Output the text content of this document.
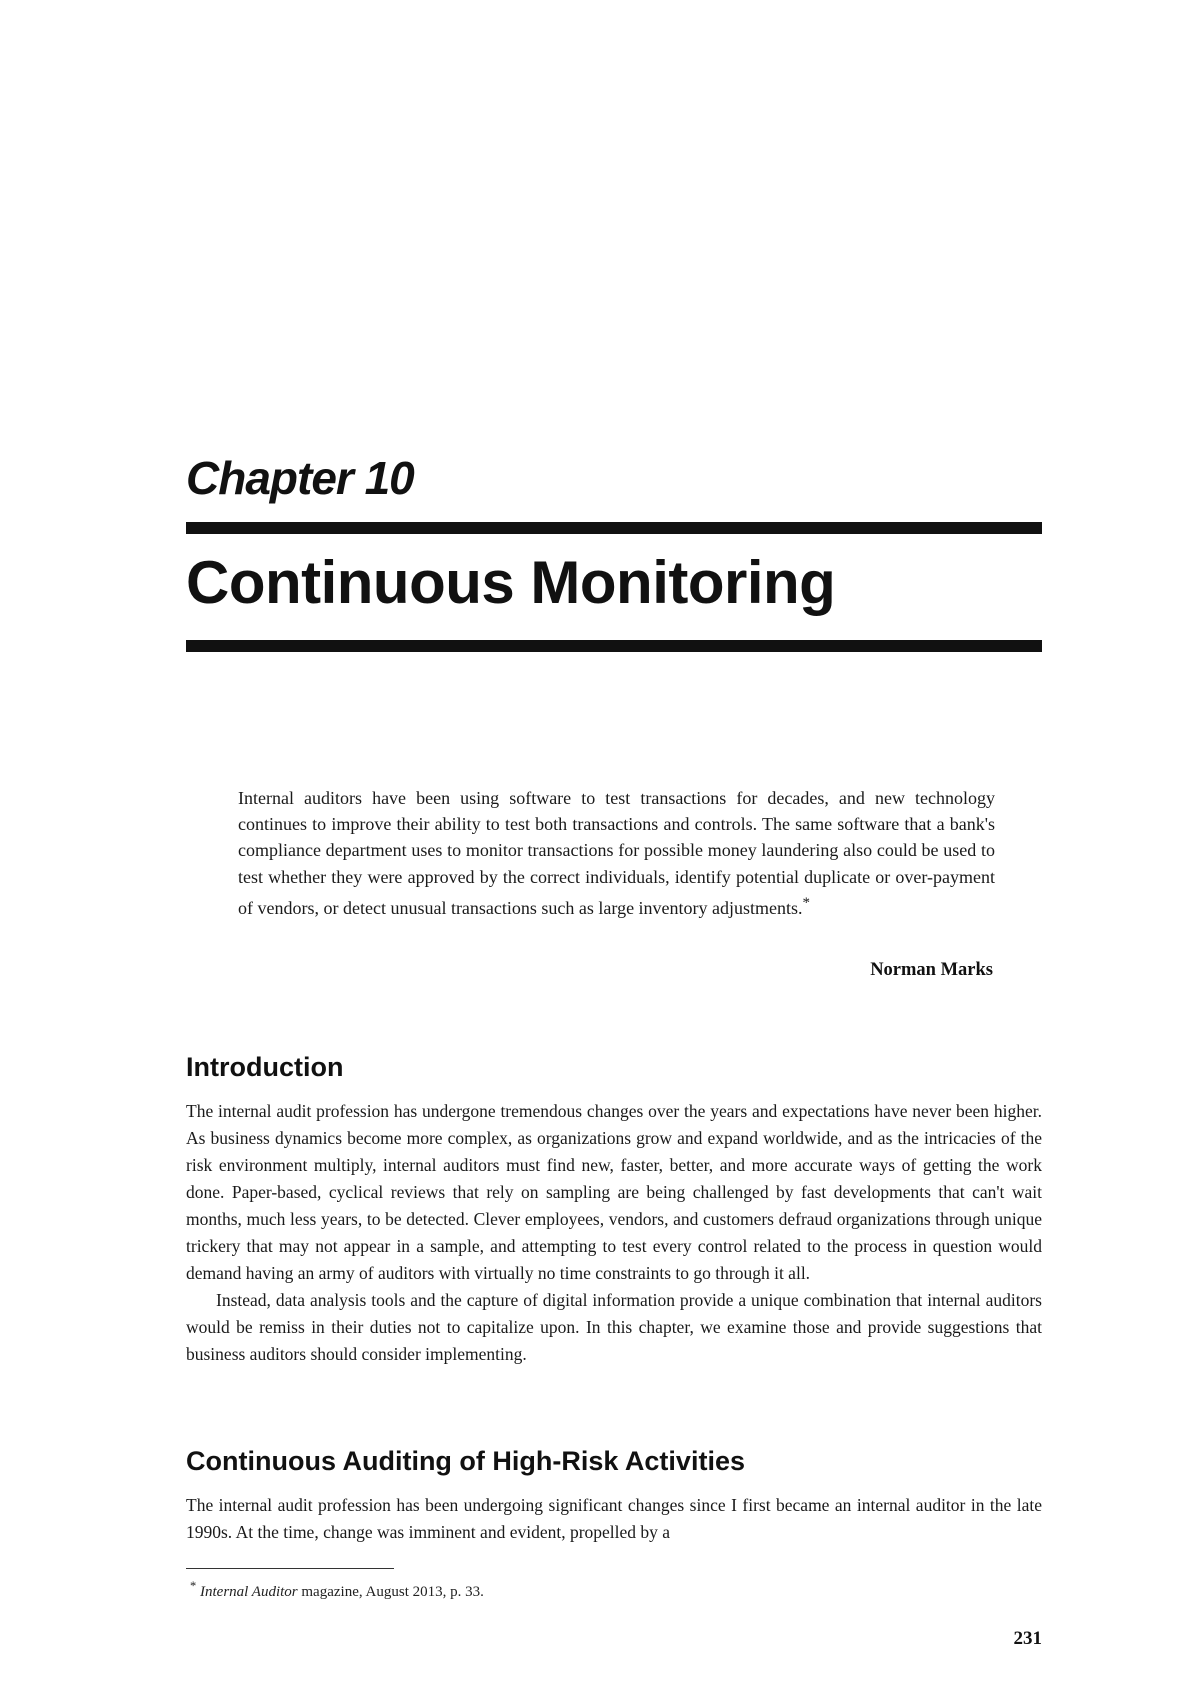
Chapter 10
Continuous Monitoring

Internal auditors have been using software to test transactions for decades, and new technology continues to improve their ability to test both transactions and controls. The same software that a bank's compliance department uses to monitor transactions for possible money laundering also could be used to test whether they were approved by the correct individuals, identify potential duplicate or over-payment of vendors, or detect unusual transactions such as large inventory adjustments.*

Norman Marks
Introduction

The internal audit profession has undergone tremendous changes over the years and expectations have never been higher. As business dynamics become more complex, as organizations grow and expand worldwide, and as the intricacies of the risk environment multiply, internal auditors must find new, faster, better, and more accurate ways of getting the work done. Paper-based, cyclical reviews that rely on sampling are being challenged by fast developments that can't wait months, much less years, to be detected. Clever employees, vendors, and customers defraud organizations through unique trickery that may not appear in a sample, and attempting to test every control related to the process in question would demand having an army of auditors with virtually no time constraints to go through it all.

Instead, data analysis tools and the capture of digital information provide a unique combination that internal auditors would be remiss in their duties not to capitalize upon. In this chapter, we examine those and provide suggestions that business auditors should consider implementing.

Continuous Auditing of High-Risk Activities

The internal audit profession has been undergoing significant changes since I first became an internal auditor in the late 1990s. At the time, change was imminent and evident, propelled by a

* Internal Auditor magazine, August 2013, p. 33.
231
